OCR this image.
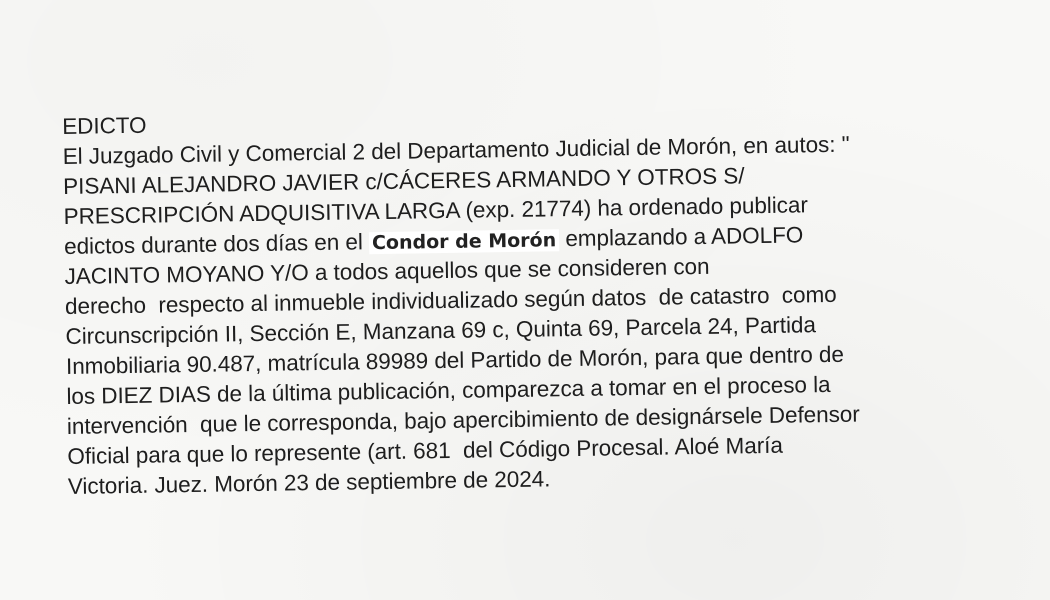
EDICTO
El Juzgado Civil y Comercial 2 del Departamento Judicial de Morón, en autos: "
PISANI ALEJANDRO JAVIER c/CÁCERES ARMANDO Y OTROS S/
PRESCRIPCIÓN ADQUISITIVA LARGA (exp. 21774) ha ordenado publicar
edictos durante dos días en el Condor de Morón emplazando a ADOLFO
JACINTO MOYANO Y/O a todos aquellos que se consideren con
derecho  respecto al inmueble individualizado según datos  de catastro  como
Circunscripción II, Sección E, Manzana 69 c, Quinta 69, Parcela 24, Partida
Inmobiliaria 90.487, matrícula 89989 del Partido de Morón, para que dentro de
los DIEZ DIAS de la última publicación, comparezca a tomar en el proceso la
intervención  que le corresponda, bajo apercibimiento de designársele Defensor
Oficial para que lo represente (art. 681  del Código Procesal. Aloé María
Victoria. Juez. Morón 23 de septiembre de 2024.
